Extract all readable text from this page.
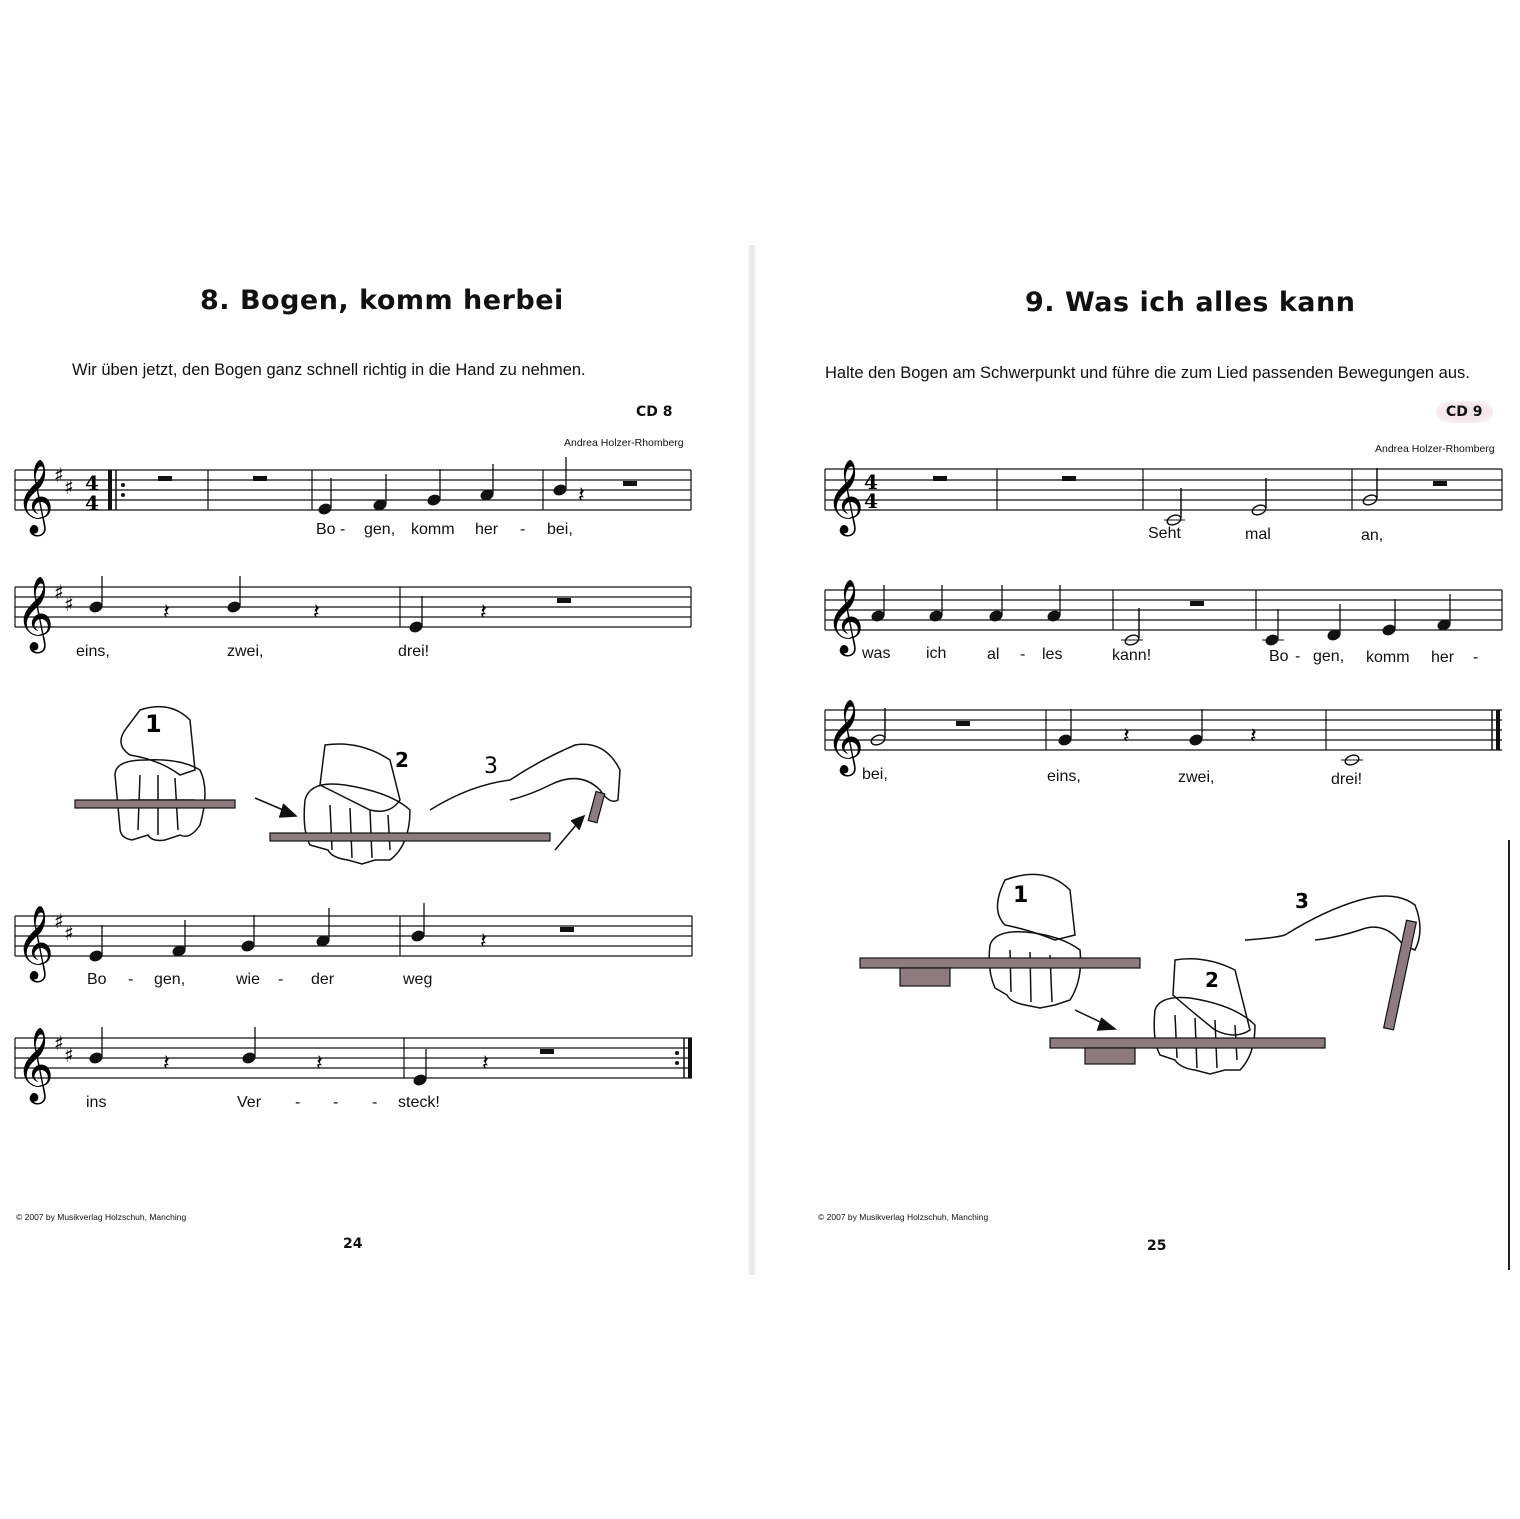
8. Bogen, komm herbei
Wir üben jetzt, den Bogen ganz schnell richtig in die Hand zu nehmen.
CD 8
Andrea Holzer-Rhomberg
𝄞 ♯ ♯ 4
4	𝄽
Bo - gen, komm her - bei,
𝄞 ♯ ♯	𝄽	𝄽	𝄽
eins,	zwei,	drei!
1
2	3
𝄞 ♯ ♯	𝄽
Bo - gen,	wie - der	weg
𝄞 ♯ ♯	𝄽	𝄽	𝄽
ins	Ver - - - steck!
© 2007 by Musikverlag Holzschuh, Manching
24
9. Was ich alles kann
Halte den Bogen am Schwerpunkt und führe die zum Lied passenden Bewegungen aus.
CD 9
Andrea Holzer-Rhomberg
𝄞 4
4
Seht	mal	an,
𝄞
was ich	al - les	kann!	Bo - gen, komm her -
𝄞	𝄽	𝄽
bei,	eins,	zwei,	drei!
1
2
3
© 2007 by Musikverlag Holzschuh, Manching
25
